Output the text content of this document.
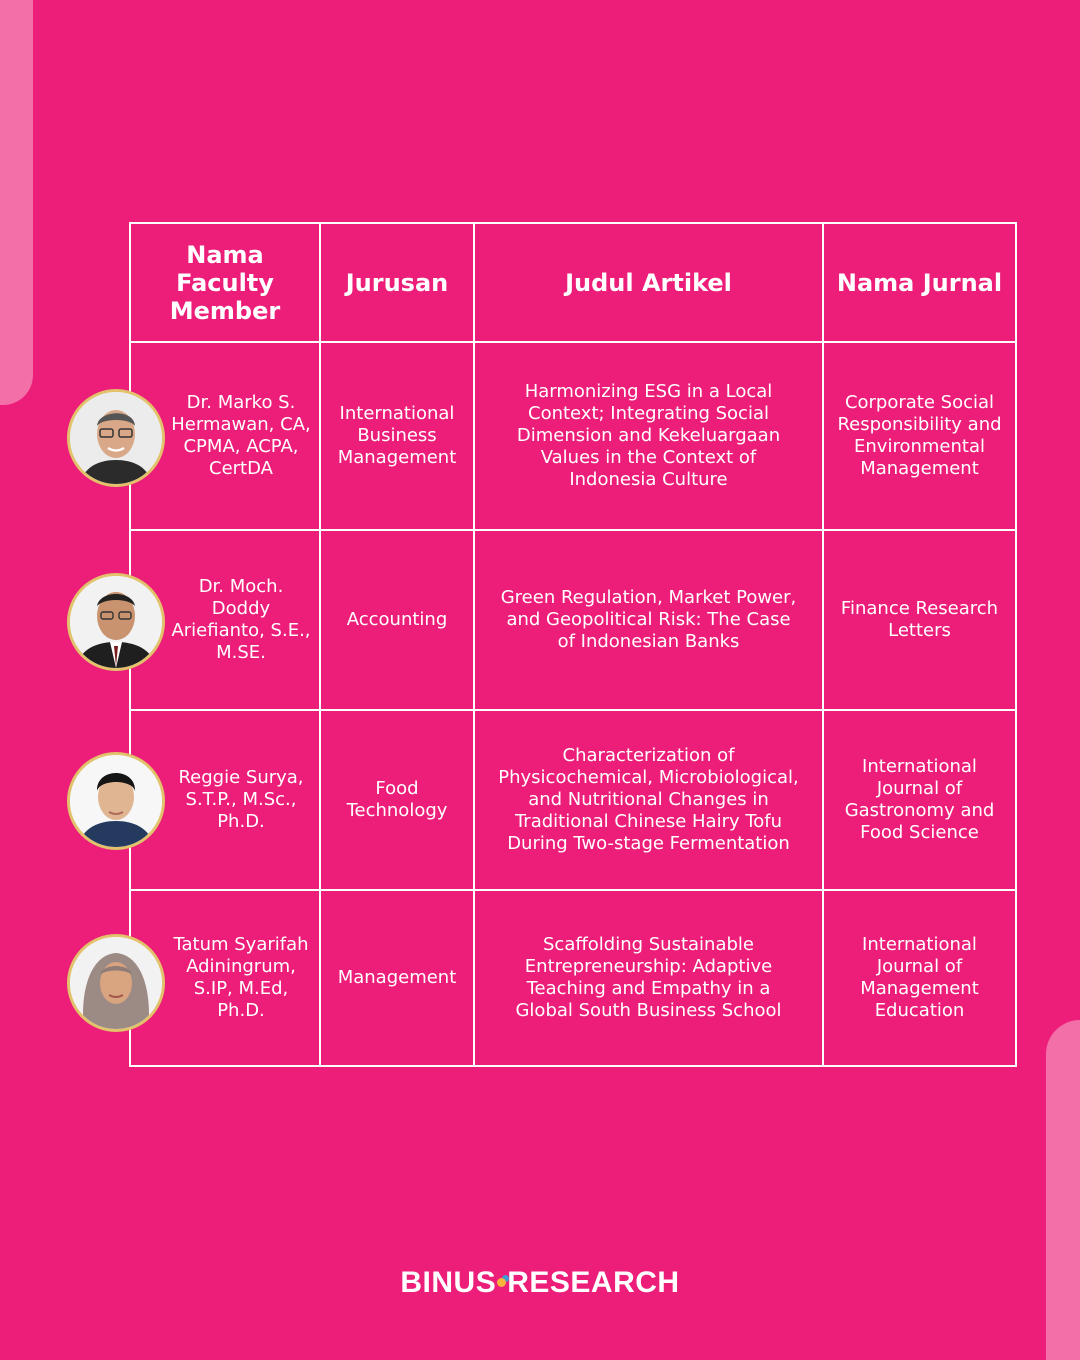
Nama
Faculty
Member	Jurusan	Judul Artikel	Nama Jurnal
Dr. Marko S. Hermawan, CA, CPMA, ACPA, CertDA	International Business Management	Harmonizing ESG in a Local Context; Integrating Social Dimension and Kekeluargaan Values in the Context of Indonesia Culture	Corporate Social Responsibility and Environmental Management
Dr. Moch. Doddy Ariefianto, S.E., M.SE.	Accounting	Green Regulation, Market Power, and Geopolitical Risk: The Case of Indonesian Banks	Finance Research Letters
Reggie Surya, S.T.P., M.Sc., Ph.D.	Food Technology	Characterization of Physicochemical, Microbiological, and Nutritional Changes in Traditional Chinese Hairy Tofu During Two-stage Fermentation	International Journal of Gastronomy and Food Science
Tatum Syarifah Adiningrum, S.IP, M.Ed, Ph.D.	Management	Scaffolding Sustainable Entrepreneurship: Adaptive Teaching and Empathy in a Global South Business School	International Journal of Management Education
BINUS RESEARCH
